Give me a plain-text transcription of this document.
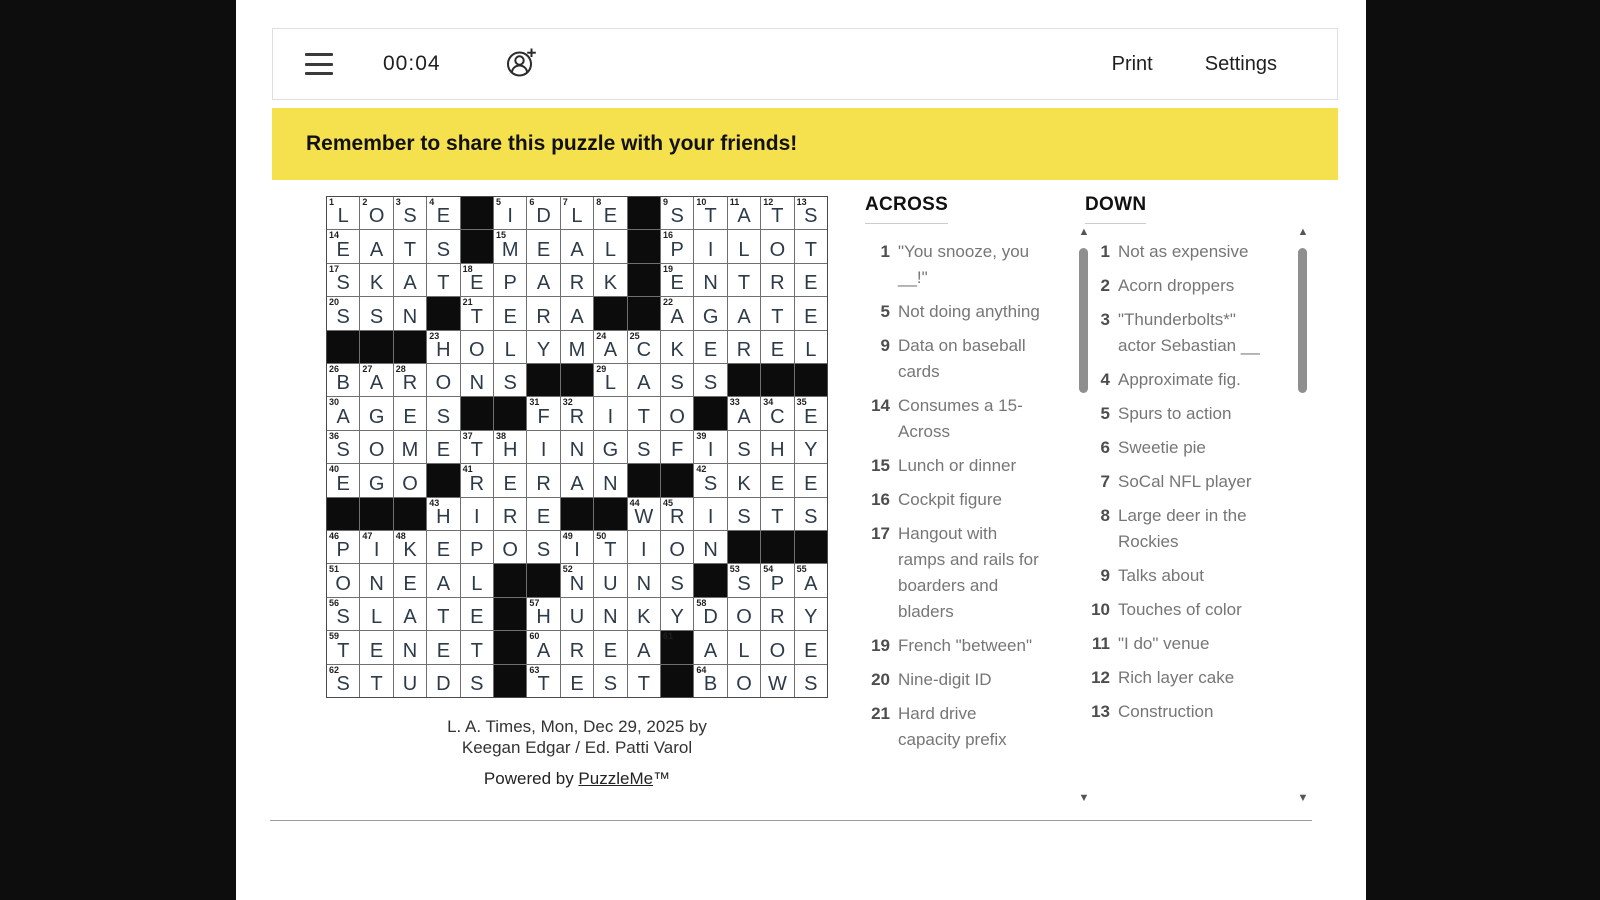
00:04	Print	Settings
Remember to share this puzzle with your friends!
1
L
2
O
3
S
4
E
5
I
6
D
7
L
8
E
9
S
10
T
11
A
12
T
13
S
14
E A T S
15
M E A L
16
P I L O T
17
S K A T
18
E P A R K
19
E N T R E
20
S S N
21
T E R A
22
A G A T E
23
H O L Y M
24
A
25
C K E R E L
26
B
27
A
28
R O N S
29
L A S S
30
A G E S
31
F
32
R I T O
33
A
34
C
35
E
36
S O M E
37
T
38
H I N G S F
39
I S H Y
40
E G O
41
R E R A N
42
S K E E
43
H I R E
44
W
45
R I S T S
46
P
47
I
48
K E P O S
49
I
50
T I O N
51
O N E A L
52
N U N S
53
S
54
P
55
A
56
S L A T E
57
H U N K Y
58
D O R Y
59
T E N E T
60
A R E A
61
A L O E
62
S T U D S
63
T E S T
64
B O W S
L. A. Times, Mon, Dec 29, 2025 by
Keegan Edgar / Ed. Patti Varol
Powered by PuzzleMe™
ACROSS
1 "You snooze, you __!"
5 Not doing anything
9 Data on baseball cards
14 Consumes a 15-Across
15 Lunch or dinner
16 Cockpit figure
17 Hangout with ramps and rails for boarders and bladers
19 French "between"
20 Nine-digit ID
21 Hard drive capacity prefix
DOWN
1 Not as expensive
2 Acorn droppers
3 "Thunderbolts*" actor Sebastian __
4 Approximate fig.
5 Spurs to action
6 Sweetie pie
7 SoCal NFL player
8 Large deer in the Rockies
9 Talks about
10 Touches of color
11 "I do" venue
12 Rich layer cake
13 Construction
▲
▼
▲
▼
